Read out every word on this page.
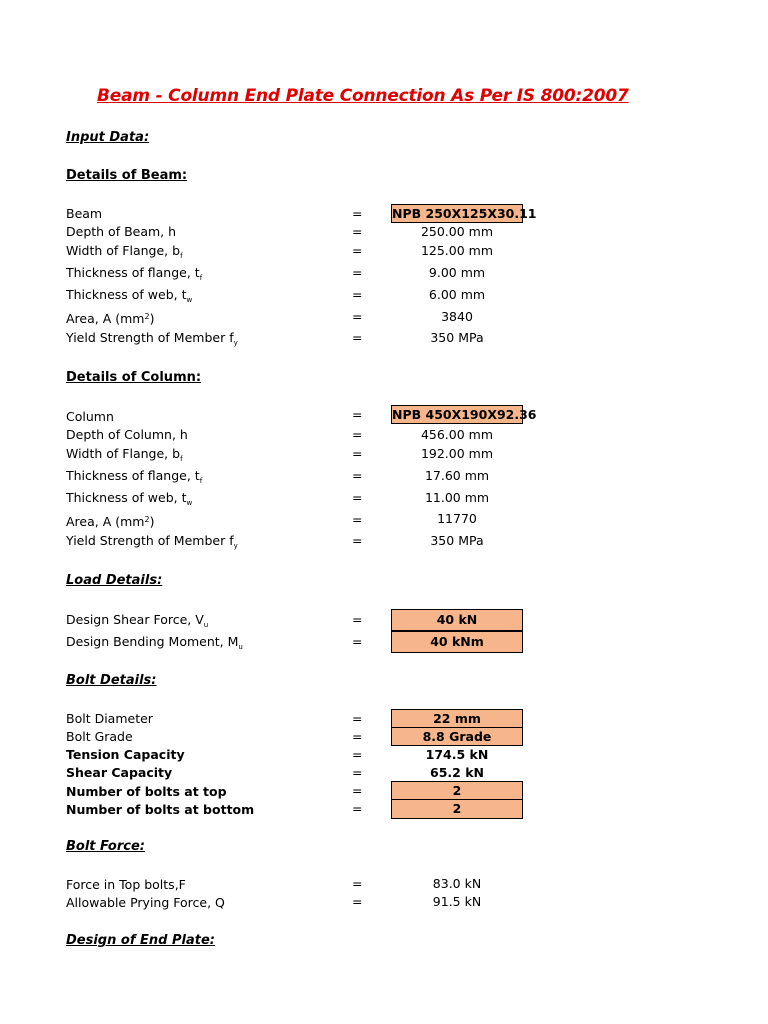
Beam - Column End Plate Connection As Per IS 800:2007
Input Data:
Details of Beam:
Beam	= NPB 250X125X30.11
Depth of Beam, h	=	250.00 mm
Width of Flange, $b_f$	=	125.00 mm
Thickness of flange, $t_f$	=	9.00 mm
Thickness of web, $t_w$	=	6.00 mm
Area, A $(mm^2)$	=	3840
Yield Strength of Member $f_y$	=	350 MPa
Details of Column:
Column	= NPB 450X190X92.36
Depth of Column, h	=	456.00 mm
Width of Flange, $b_f$	=	192.00 mm
Thickness of flange, $t_f$	=	17.60 mm
Thickness of web, $t_w$	=	11.00 mm
Area, A $(mm^2)$	=	11770
Yield Strength of Member $f_y$	=	350 MPa
Load Details:
Design Shear Force, $V_u$	=	40 kN
Design Bending Moment, $M_u$	=	40 kNm
Bolt Details:
Bolt Diameter	=	22 mm
Bolt Grade	=	8.8 Grade
Tension Capacity	=	174.5 kN
Shear Capacity	=	65.2 kN
Number of bolts at top	=	2
Number of bolts at bottom	=	2
Bolt Force:
Force in Top bolts,F	=	83.0 kN
Allowable Prying Force, Q	=	91.5 kN
Design of End Plate:
